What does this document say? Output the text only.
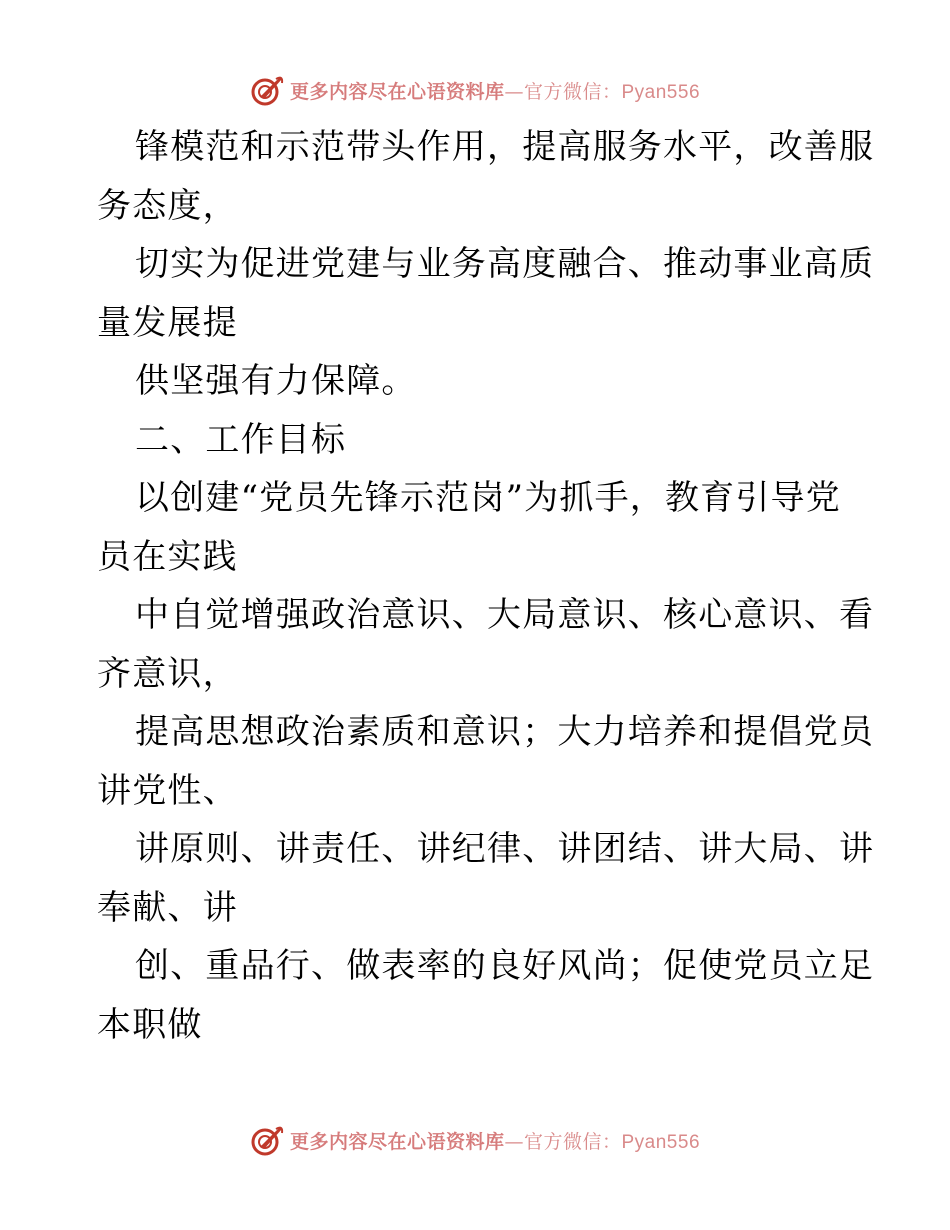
更多内容尽在心语资料库—官方微信：Pyan556
锋模范和示范带头作用，提高服务水平，改善服
务态度，
切实为促进党建与业务高度融合、推动事业高质
量发展提
供坚强有力保障。
二、工作目标
以创建“党员先锋示范岗”为抓手，教育引导党
员在实践
中自觉增强政治意识、大局意识、核心意识、看
齐意识，
提高思想政治素质和意识；大力培养和提倡党员
讲党性、
讲原则、讲责任、讲纪律、讲团结、讲大局、讲
奉献、讲
创、重品行、做表率的良好风尚；促使党员立足
本职做
更多内容尽在心语资料库—官方微信：Pyan556
